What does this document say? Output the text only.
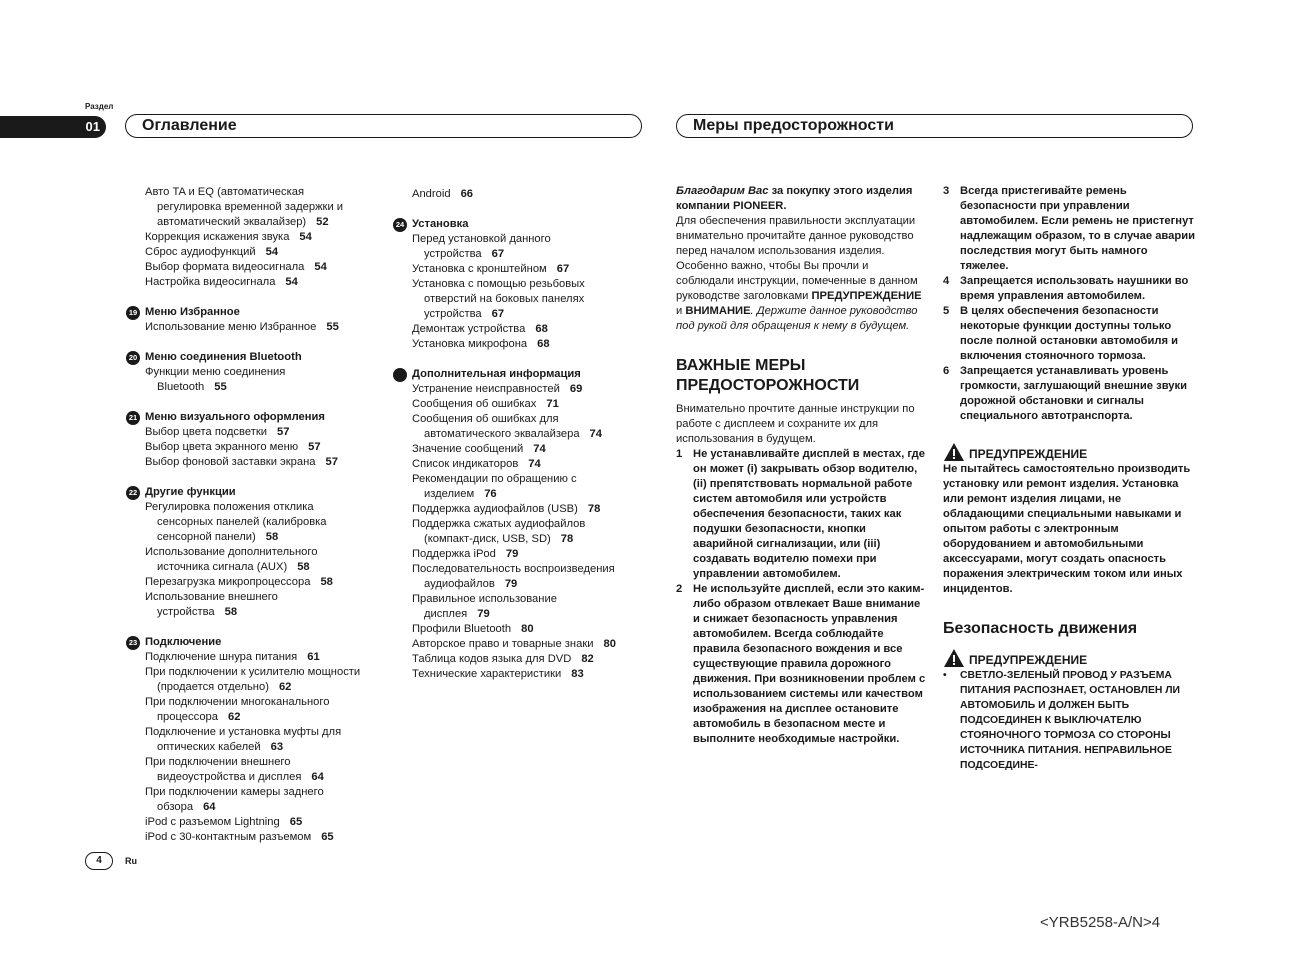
Раздел
01	Оглавление	Меры предосторожности
Авто TA и EQ (автоматическая
регулировка временной задержки и
автоматический эквалайзер) 52
Коррекция искажения звука 54
Сброс аудиофункций 54
Выбор формата видеосигнала 54
Настройка видеосигнала 54
19 Меню Избранное
Использование меню Избранное 55
20 Меню соединения Bluetooth
Функции меню соединения
Bluetooth 55
21 Меню визуального оформления
Выбор цвета подсветки 57
Выбор цвета экранного меню 57
Выбор фоновой заставки экрана 57
22 Другие функции
Регулировка положения отклика
сенсорных панелей (калибровка
сенсорной панели) 58
Использование дополнительного
источника сигнала (AUX) 58
Перезагрузка микропроцессора 58
Использование внешнего
устройства 58
23 Подключение
Подключение шнура питания 61
При подключении к усилителю мощности
(продается отдельно) 62
При подключении многоканального
процессора 62
Подключение и установка муфты для
оптических кабелей 63
При подключении внешнего
видеоустройства и дисплея 64
При подключении камеры заднего
обзора 64
iPod с разъемом Lightning 65
iPod с 30-контактным разъемом 65
Android 66
24 Установка
Перед установкой данного
устройства 67
Установка с кронштейном 67
Установка с помощью резьбовых
отверстий на боковых панелях
устройства 67
Демонтаж устройства 68
Установка микрофона 68
Дополнительная информация
Устранение неисправностей 69
Сообщения об ошибках 71
Сообщения об ошибках для
автоматического эквалайзера 74
Значение сообщений 74
Список индикаторов 74
Рекомендации по обращению с
изделием 76
Поддержка аудиофайлов (USB) 78
Поддержка сжатых аудиофайлов
(компакт-диск, USB, SD) 78
Поддержка iPod 79
Последовательность воспроизведения
аудиофайлов 79
Правильное использование
дисплея 79
Профили Bluetooth 80
Авторское право и товарные знаки 80
Таблица кодов языка для DVD 82
Технические характеристики 83
Благодарим Вас за покупку этого изделия компании PIONEER.
Для обеспечения правильности эксплуатации внимательно прочитайте данное руководство перед началом использования изделия. Особенно важно, чтобы Вы прочли и соблюдали инструкции, помеченные в данном руководстве заголовками ПРЕДУПРЕЖДЕНИЕ и ВНИМАНИЕ. Держите данное руководство под рукой для обращения к нему в будущем.
ВАЖНЫЕ МЕРЫ ПРЕДОСТОРОЖНОСТИ
Внимательно прочтите данные инструкции по работе с дисплеем и сохраните их для использования в будущем.
1 Не устанавливайте дисплей в местах, где он может (i) закрывать обзор водителю, (ii) препятствовать нормальной работе систем автомобиля или устройств обеспечения безопасности, таких как подушки безопасности, кнопки аварийной сигнализации, или (iii) создавать водителю помехи при управлении автомобилем.
2 Не используйте дисплей, если это каким-либо образом отвлекает Ваше внимание и снижает безопасность управления автомобилем. Всегда соблюдайте правила безопасного вождения и все существующие правила дорожного движения. При возникновении проблем с использованием системы или качеством изображения на дисплее остановите автомобиль в безопасном месте и выполните необходимые настройки.
3 Всегда пристегивайте ремень безопасности при управлении автомобилем. Если ремень не пристегнут надлежащим образом, то в случае аварии последствия могут быть намного тяжелее.
4 Запрещается использовать наушники во время управления автомобилем.
5 В целях обеспечения безопасности некоторые функции доступны только после полной остановки автомобиля и включения стояночного тормоза.
6 Запрещается устанавливать уровень громкости, заглушающий внешние звуки дорожной обстановки и сигналы специального автотранспорта.
ПРЕДУПРЕЖДЕНИЕ
Не пытайтесь самостоятельно производить установку или ремонт изделия. Установка или ремонт изделия лицами, не обладающими специальными навыками и опытом работы с электронным оборудованием и автомобильными аксессуарами, могут создать опасность поражения электрическим током или иных инцидентов.
Безопасность движения
ПРЕДУПРЕЖДЕНИЕ
• СВЕТЛО-ЗЕЛЕНЫЙ ПРОВОД У РАЗЪЕМА ПИТАНИЯ РАСПОЗНАЕТ, ОСТАНОВЛЕН ЛИ АВТОМОБИЛЬ И ДОЛЖЕН БЫТЬ ПОДСОЕДИНЕН К ВЫКЛЮЧАТЕЛЮ СТОЯНОЧНОГО ТОРМОЗА СО СТОРОНЫ ИСТОЧНИКА ПИТАНИЯ. НЕПРАВИЛЬНОЕ ПОДСОЕДИНЕ-
4	Ru
<YRB5258-A/N>4
